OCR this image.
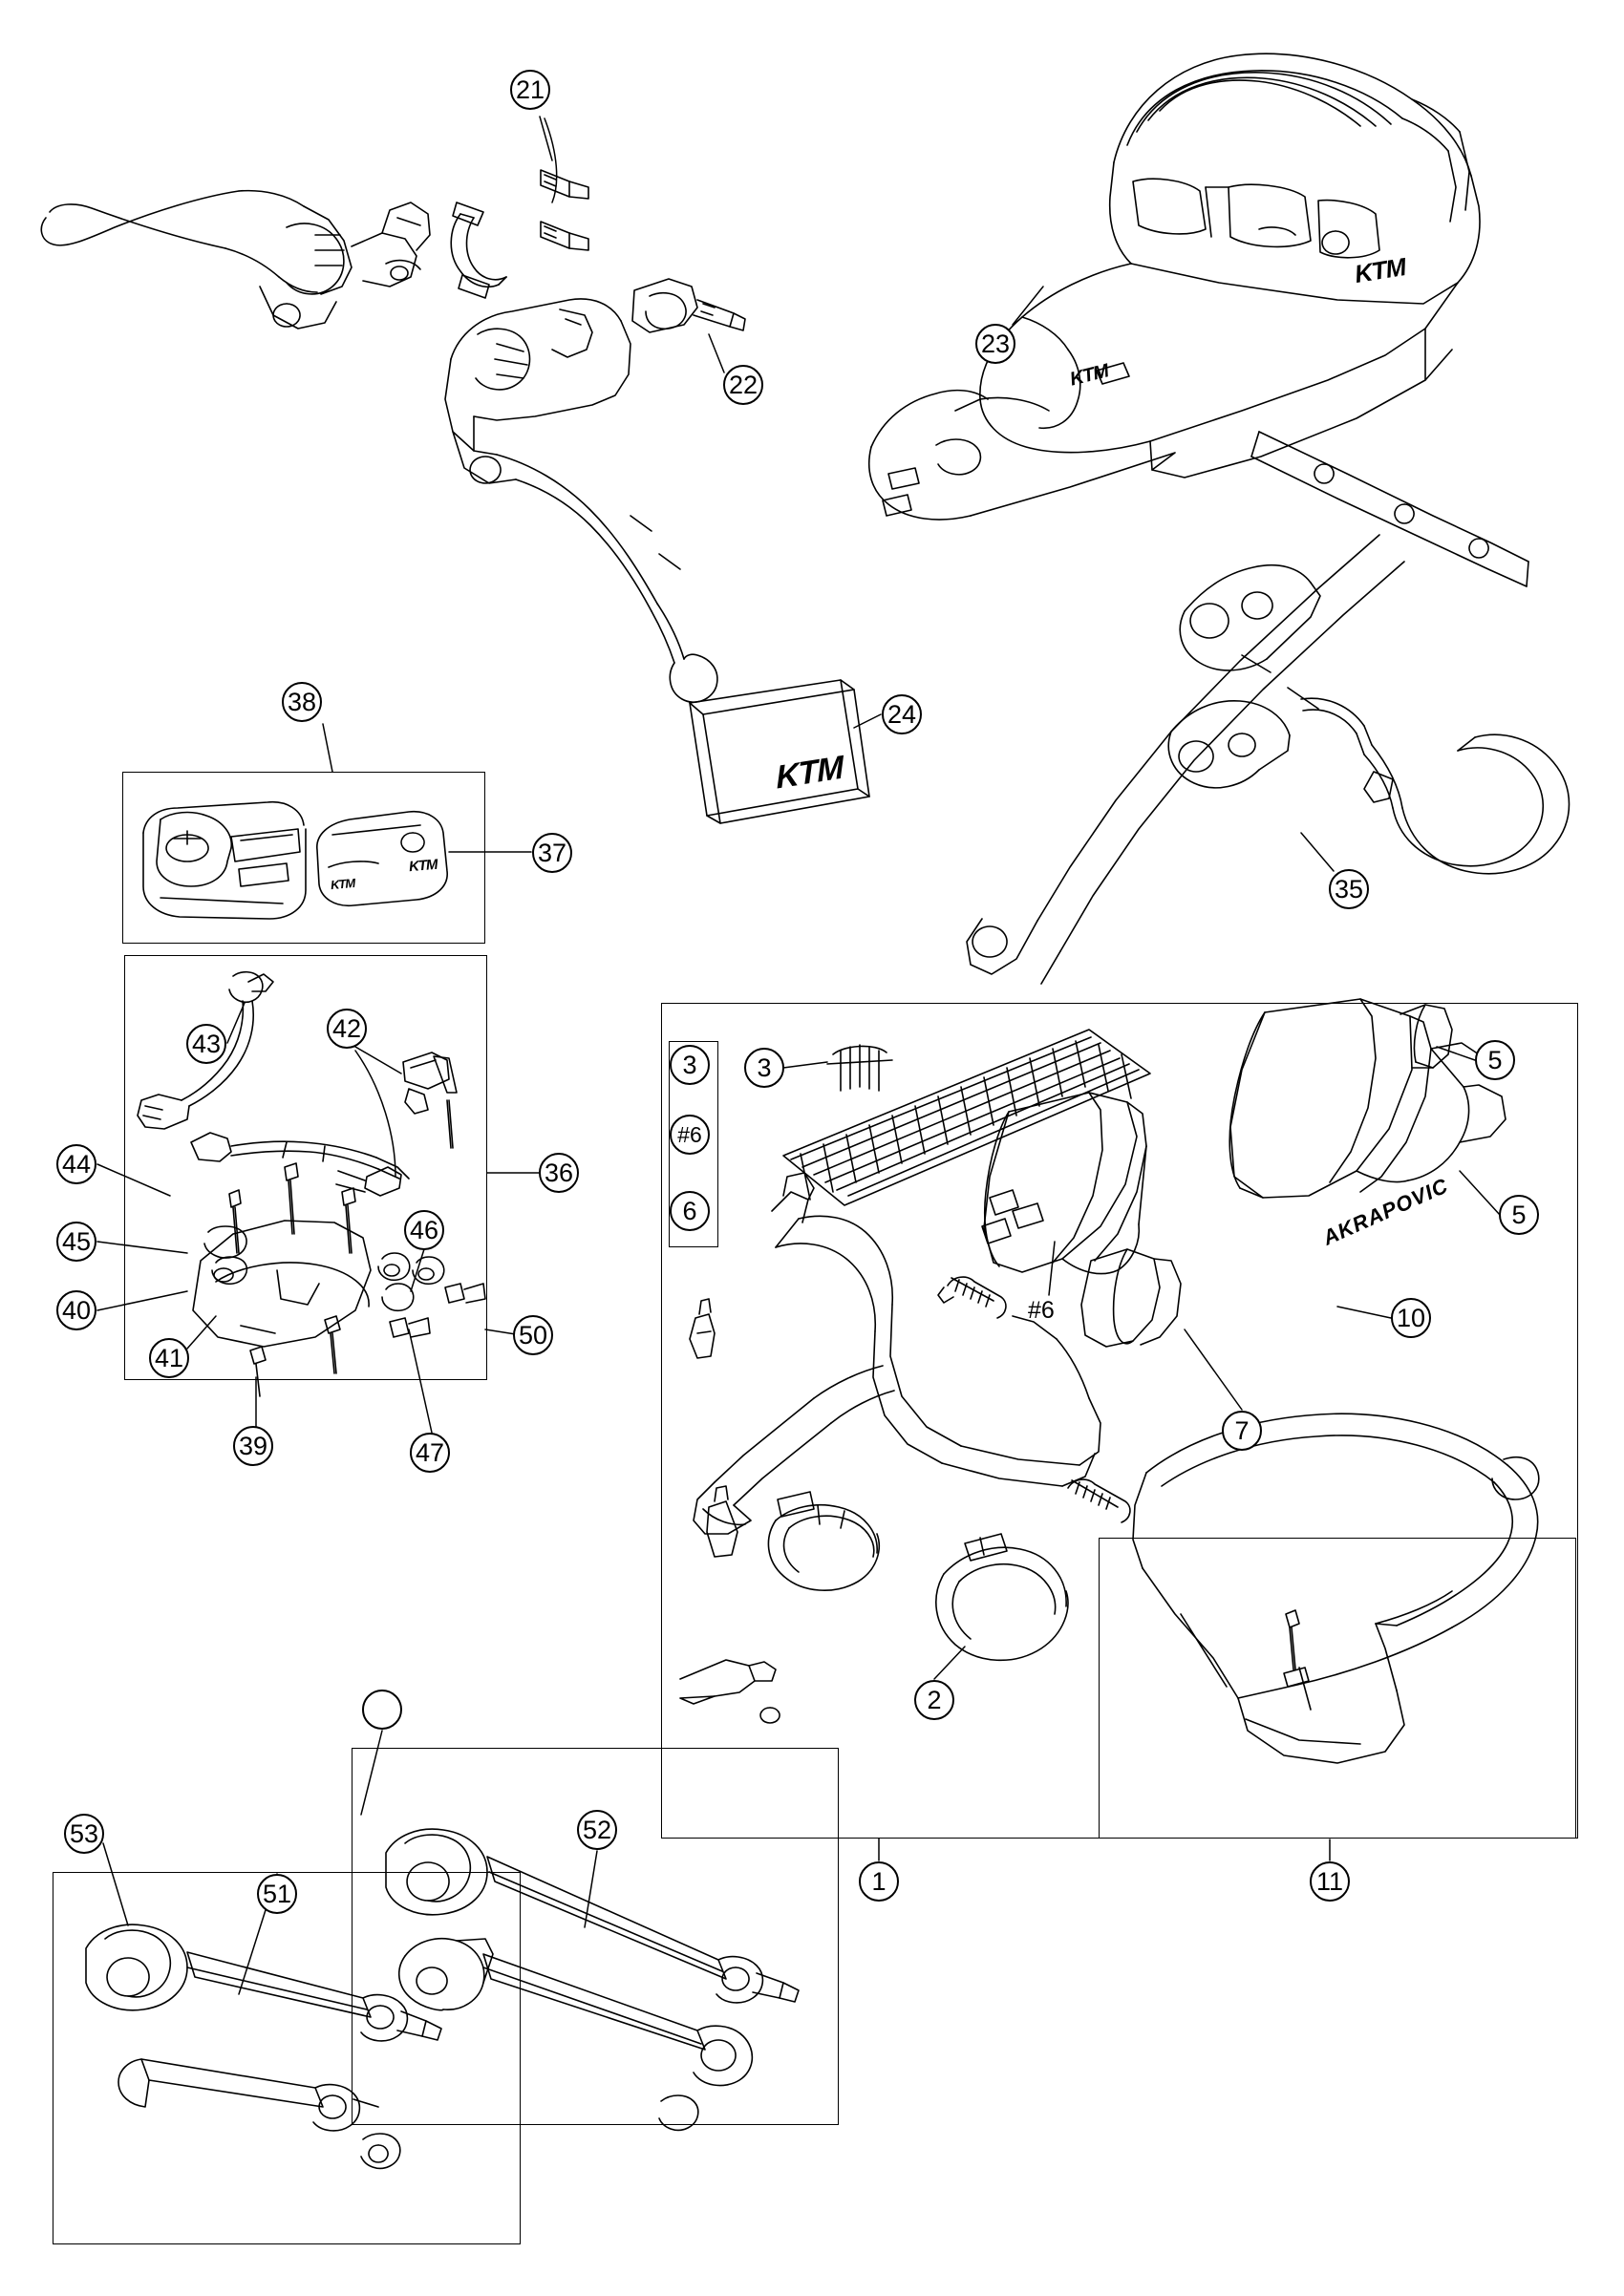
KTM
KTM
KTM
KTM
KTM
AKRAPOVIC
21
22
23
24
35
38
37
36
43
42
44
45
40
41
39	47
46
50
3
#6
6
3
#6
5
5
10
7
2
1	11
52
53
51
